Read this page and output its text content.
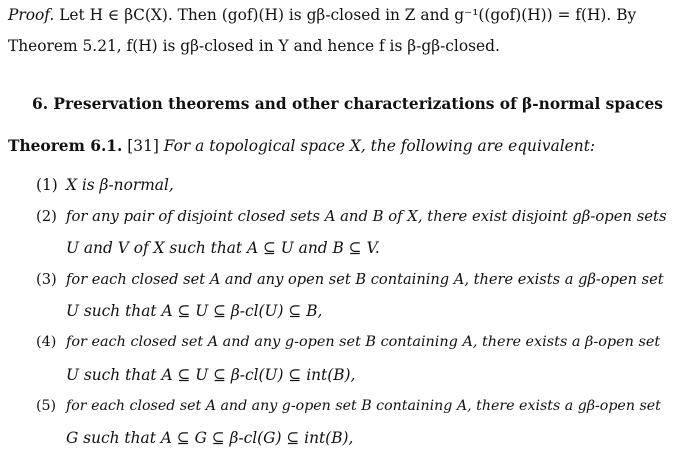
Proof. Let H ∈ βC(X). Then (gof)(H) is gβ-closed in Z and g⁻¹((gof)(H)) = f(H). By
Theorem 5.21, f(H) is gβ-closed in Y and hence f is β-gβ-closed.
6. Preservation theorems and other characterizations of β-normal spaces
Theorem 6.1. [31] For a topological space X, the following are equivalent:
(1) X is β-normal,
(2) for any pair of disjoint closed sets A and B of X, there exist disjoint gβ-open sets
U and V of X such that A ⊆ U and B ⊆ V.
(3) for each closed set A and any open set B containing A, there exists a gβ-open set
U such that A ⊆ U ⊆ β-cl(U) ⊆ B,
(4) for each closed set A and any g-open set B containing A, there exists a β-open set
U such that A ⊆ U ⊆ β-cl(U) ⊆ int(B),
(5) for each closed set A and any g-open set B containing A, there exists a gβ-open set
G such that A ⊆ G ⊆ β-cl(G) ⊆ int(B),
